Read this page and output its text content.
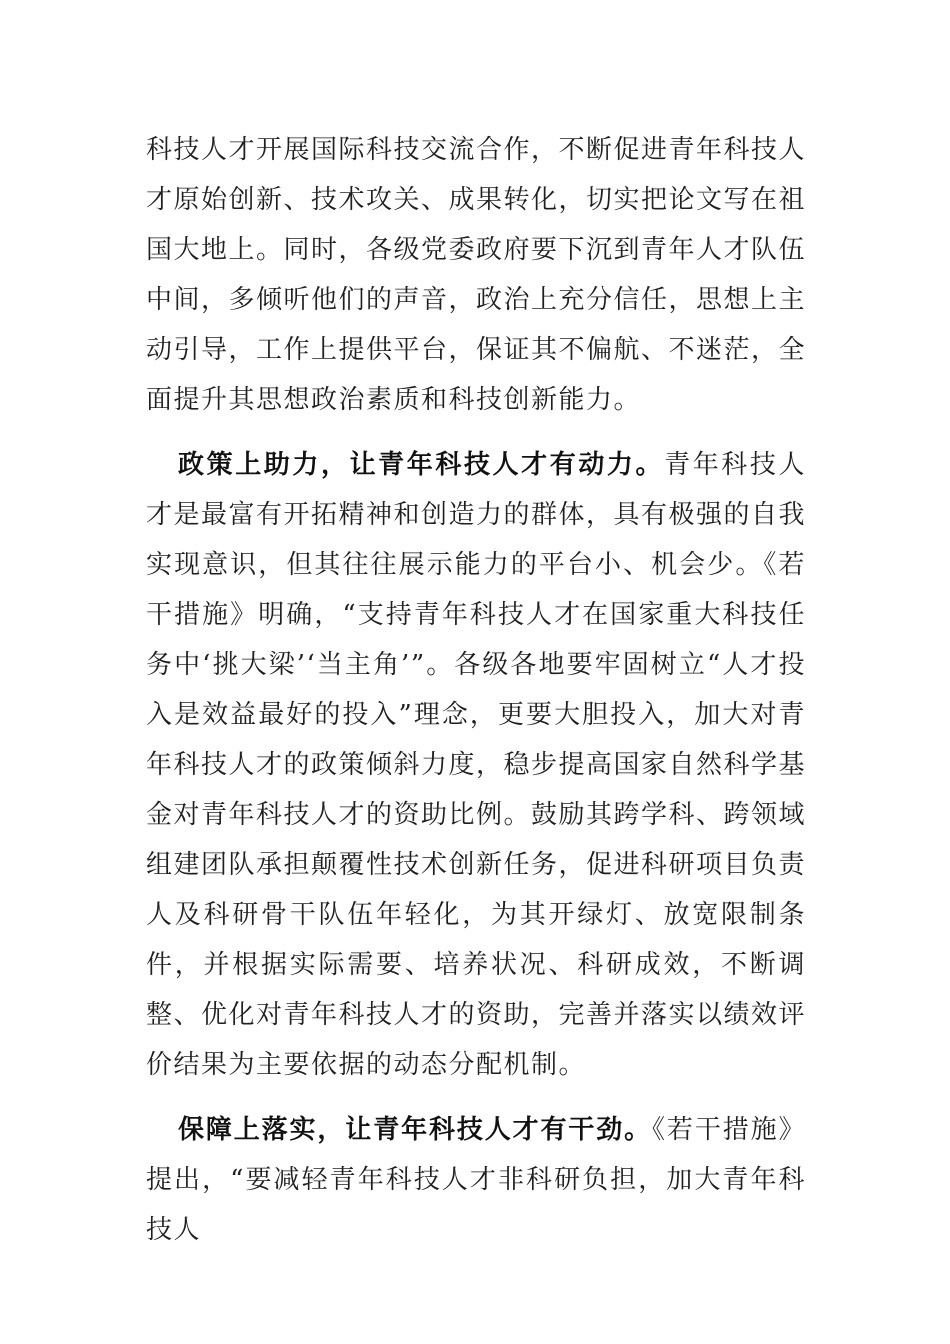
科技人才开展国际科技交流合作，不断促进青年科技人才原始创新、技术攻关、成果转化，切实把论文写在祖国大地上。同时，各级党委政府要下沉到青年人才队伍中间，多倾听他们的声音，政治上充分信任，思想上主动引导，工作上提供平台，保证其不偏航、不迷茫，全面提升其思想政治素质和科技创新能力。

政策上助力，让青年科技人才有动力。青年科技人才是最富有开拓精神和创造力的群体，具有极强的自我实现意识，但其往往展示能力的平台小、机会少。《若干措施》明确，“支持青年科技人才在国家重大科技任务中‘挑大梁’‘当主角’”。各级各地要牢固树立“人才投入是效益最好的投入”理念，更要大胆投入，加大对青年科技人才的政策倾斜力度，稳步提高国家自然科学基金对青年科技人才的资助比例。鼓励其跨学科、跨领域组建团队承担颠覆性技术创新任务，促进科研项目负责人及科研骨干队伍年轻化，为其开绿灯、放宽限制条件，并根据实际需要、培养状况、科研成效，不断调整、优化对青年科技人才的资助，完善并落实以绩效评价结果为主要依据的动态分配机制。

保障上落实，让青年科技人才有干劲。《若干措施》提出，“要减轻青年科技人才非科研负担，加大青年科技人
